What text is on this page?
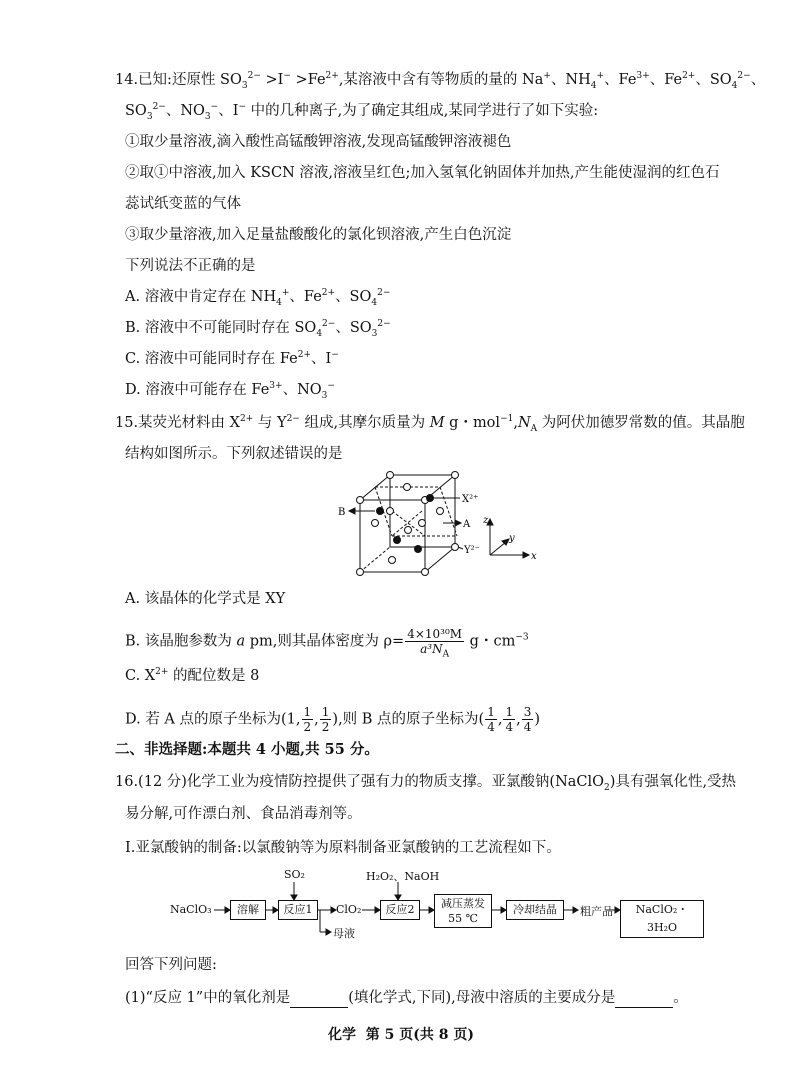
14.已知:还原性 $SO_3^{2-} >I^- >Fe^{2+}$,某溶液中含有等物质的量的 Na+、$NH_4^+$、$Fe^{3+}$、$Fe^{2+}$、$SO_4^{2-}$、
$SO_3^{2-}$、$NO_3^-$、I− 中的几种离子,为了确定其组成,某同学进行了如下实验:
①取少量溶液,滴入酸性高锰酸钾溶液,发现高锰酸钾溶液褪色
②取①中溶液,加入 KSCN 溶液,溶液呈红色;加入氢氧化钠固体并加热,产生能使湿润的红色石
蕊试纸变蓝的气体
③取少量溶液,加入足量盐酸酸化的氯化钡溶液,产生白色沉淀
下列说法不正确的是
A. 溶液中肯定存在 $NH_4^+$、$Fe^{2+}$、$SO_4^{2-}$
B. 溶液中不可能同时存在 $SO_4^{2-}$、$SO_3^{2-}$
C. 溶液中可能同时存在 $Fe^{2+}$、I−
D. 溶液中可能存在 $Fe^{3+}$、$NO_3^-$
15.某荧光材料由 $X^{2+}$ 与 $Y^{2-}$ 组成,其摩尔质量为 M g・$mol^{-1},N_A$ 为阿伏加德罗常数的值。其晶胞
结构如图所示。下列叙述错误的是
X²⁺
A
B
Y²⁻
z
y
x
A. 该晶体的化学式是 XY
B. 该晶胞参数为 a pm,则其晶体密度为 $\rho= \frac{\text{4×10³⁰M}}{a^3N_A}$ g・$cm^{-3}$
C. $X^{2+}$ 的配位数是 8
D. 若 A 点的原子坐标为(1, $\frac{1}{2}$ , $\frac{1}{2}$ ),则 B 点的原子坐标为( $\frac{1}{4}$ , $\frac{1}{4}$ , $\frac{3}{4}$ )
二、非选择题:本题共 4 小题,共 55 分。
16.(12 分)化学工业为疫情防控提供了强有力的物质支撑。亚氯酸钠(NaClO$_2$)具有强氧化性,受热
易分解,可作漂白剂、食品消毒剂等。
Ⅰ.亚氯酸钠的制备:以氯酸钠等为原料制备亚氯酸钠的工艺流程如下。
NaClO₃	溶解
SO₂
反应1	ClO₂
母液
H₂O₂、NaOH
反应2	减压蒸发
55 ℃
冷却结晶	粗产品	NaClO₂・3H₂O
回答下列问题:
(1)“反应 1”中的氧化剂是	(填化学式,下同),母液中溶质的主要成分是	。
化学  第 5 页(共 8 页)
